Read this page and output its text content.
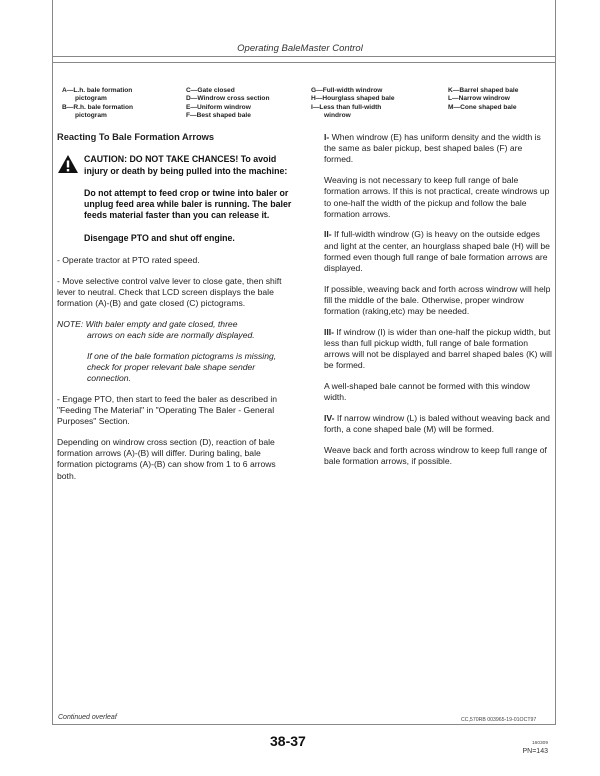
Operating BaleMaster Control
A—L.h. bale formation
pictogram
B—R.h. bale formation
pictogram
C—Gate closed
D—Windrow cross section
E—Uniform windrow
F—Best shaped bale
G—Full-width windrow
H—Hourglass shaped bale
I—Less than full-width
windrow
K—Barrel shaped bale
L—Narrow windrow
M—Cone shaped bale
Reacting To Bale Formation Arrows

CAUTION: DO NOT TAKE CHANCES! To avoid injury or death by being pulled into the machine:

Do not attempt to feed crop or twine into baler or unplug feed area while baler is running. The baler feeds material faster than you can release it.

Disengage PTO and shut off engine.

- Operate tractor at PTO rated speed.

- Move selective control valve lever to close gate, then shift lever to neutral. Check that LCD screen displays the bale formation (A)-(B) and gate closed (C) pictograms.

NOTE: With baler empty and gate closed, three
arrows on each side are normally displayed.
If one of the bale formation pictograms is missing, check for proper relevant bale shape sender connection.

- Engage PTO, then start to feed the baler as described in "Feeding The Material" in "Operating The Baler - General Purposes" Section.

Depending on windrow cross section (D), reaction of bale formation arrows (A)-(B) will differ. During baling, bale formation pictograms (A)-(B) can show from 1 to 6 arrows both.

I- When windrow (E) has uniform density and the width is the same as baler pickup, best shaped bales (F) are formed.

Weaving is not necessary to keep full range of bale formation arrows. If this is not practical, create windrows up to one-half the width of the pickup and follow the bale formation arrows.

II- If full-width windrow (G) is heavy on the outside edges and light at the center, an hourglass shaped bale (H) will be formed even though full range of bale formation arrows are displayed.

If possible, weaving back and forth across windrow will help fill the middle of the bale. Otherwise, proper windrow formation (raking,etc) may be needed.

III- If windrow (I) is wider than one-half the pickup width, but less than full pickup width, full range of bale formation arrows will not be displayed and barrel shaped bales (K) will be formed.

A well-shaped bale cannot be formed with this window width.

IV- If narrow windrow (L) is baled without weaving back and forth, a cone shaped bale (M) will be formed.

Weave back and forth across windrow to keep full range of bale formation arrows, if possible.

Continued overleaf	CC,570RB 003965-19-01OCT97
38-37	160309
PN=143
